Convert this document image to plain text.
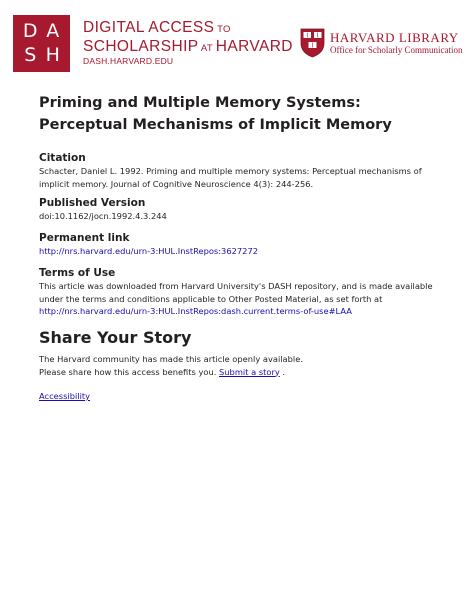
D A
S H
DIGITAL ACCESS TO
SCHOLARSHIP AT HARVARD
DASH.HARVARD.EDU
HARVARD LIBRARY
Office for Scholarly Communication
Priming and Multiple Memory Systems: Perceptual Mechanisms of Implicit Memory
Citation

Schacter, Daniel L. 1992. Priming and multiple memory systems: Perceptual mechanisms of implicit memory. Journal of Cognitive Neuroscience 4(3): 244-256.

Published Version

doi:10.1162/jocn.1992.4.3.244

Permanent link

http://nrs.harvard.edu/urn-3:HUL.InstRepos:3627272

Terms of Use

This article was downloaded from Harvard University's DASH repository, and is made available under the terms and conditions applicable to Other Posted Material, as set forth at http://nrs.harvard.edu/urn-3:HUL.InstRepos:dash.current.terms-of-use#LAA

Share Your Story
The Harvard community has made this article openly available.
Please share how this access benefits you. Submit a story .
Accessibility
